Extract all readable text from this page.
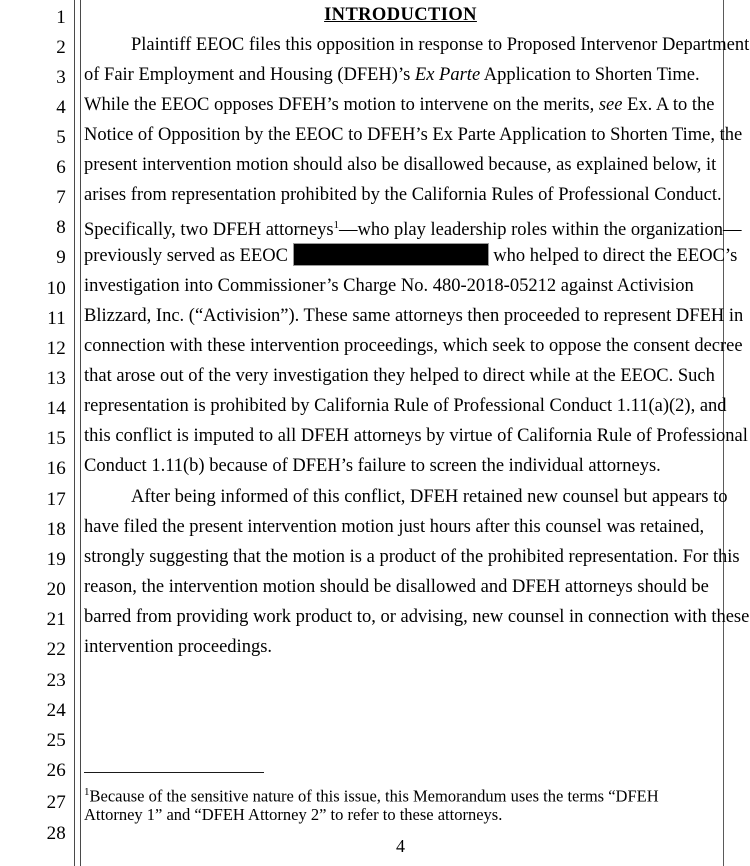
1
2
3
4
5
6
7
8
9
10
11
12
13
14
15
16
17
18
19
20
21
22
23
24
25
26
27
28
INTRODUCTION
Plaintiff EEOC files this opposition in response to Proposed Intervenor Department
of Fair Employment and Housing (DFEH)’s Ex Parte Application to Shorten Time.
While the EEOC opposes DFEH’s motion to intervene on the merits, see Ex. A to the
Notice of Opposition by the EEOC to DFEH’s Ex Parte Application to Shorten Time, the
present intervention motion should also be disallowed because, as explained below, it
arises from representation prohibited by the California Rules of Professional Conduct.
Specifically, two DFEH attorneys$^1$—who play leadership roles within the organization—
previously served as EEOC	who helped to direct the EEOC’s
investigation into Commissioner’s Charge No. 480-2018-05212 against Activision
Blizzard, Inc. (“Activision”). These same attorneys then proceeded to represent DFEH in
connection with these intervention proceedings, which seek to oppose the consent decree
that arose out of the very investigation they helped to direct while at the EEOC. Such
representation is prohibited by California Rule of Professional Conduct 1.11(a)(2), and
this conflict is imputed to all DFEH attorneys by virtue of California Rule of Professional
Conduct 1.11(b) because of DFEH’s failure to screen the individual attorneys.
After being informed of this conflict, DFEH retained new counsel but appears to
have filed the present intervention motion just hours after this counsel was retained,
strongly suggesting that the motion is a product of the prohibited representation. For this
reason, the intervention motion should be disallowed and DFEH attorneys should be
barred from providing work product to, or advising, new counsel in connection with these
intervention proceedings.
$^1$Because of the sensitive nature of this issue, this Memorandum uses the terms “DFEH
Attorney 1” and “DFEH Attorney 2” to refer to these attorneys.
4
